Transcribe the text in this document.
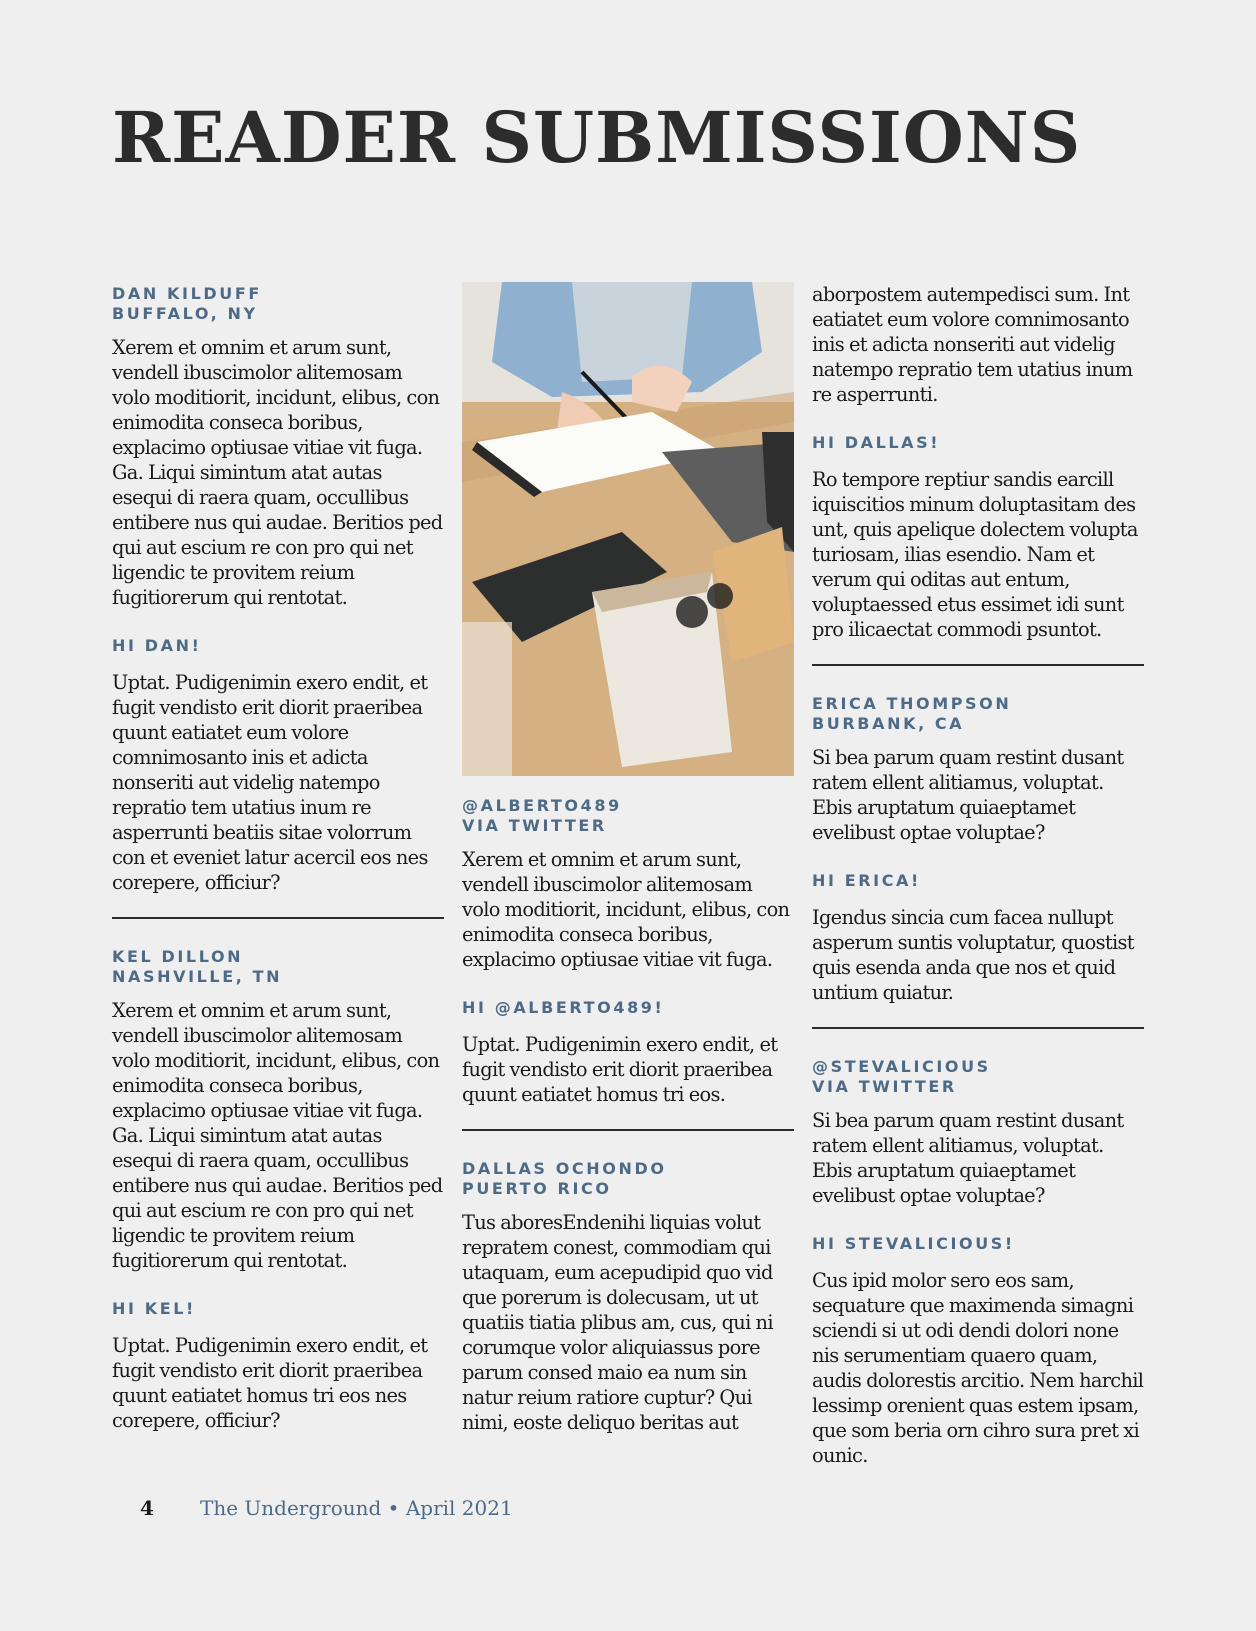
READER SUBMISSIONS
DAN KILDUFF
BUFFALO, NY

Xerem et omnim et arum sunt, vendell ibuscimolor alitemosam volo moditiorit, incidunt, elibus, con enimodita conseca boribus, explacimo optiusae vitiae vit fuga. Ga. Liqui simintum atat autas esequi di raera quam, occullibus entibere nus qui audae. Beritios ped qui aut escium re con pro qui net ligendic te provitem reium fugitiorerum qui rentotat.

HI DAN!

Uptat. Pudigenimin exero endit, et fugit vendisto erit diorit praeribea quunt eatiatet eum volore comnimosanto inis et adicta nonseriti aut videlig natempo repratio tem utatius inum re asperrunti beatiis sitae volorrum con et eveniet latur acercil eos nes corepere, officiur?

KEL DILLON
NASHVILLE, TN

Xerem et omnim et arum sunt, vendell ibuscimolor alitemosam volo moditiorit, incidunt, elibus, con enimodita conseca boribus, explacimo optiusae vitiae vit fuga. Ga. Liqui simintum atat autas esequi di raera quam, occullibus entibere nus qui audae. Beritios ped qui aut escium re con pro qui net ligendic te provitem reium fugitiorerum qui rentotat.

HI KEL!

Uptat. Pudigenimin exero endit, et fugit vendisto erit diorit praeribea quunt eatiatet homus tri eos nes corepere, officiur?

@ALBERTO489
VIA TWITTER

Xerem et omnim et arum sunt, vendell ibuscimolor alitemosam volo moditiorit, incidunt, elibus, con enimodita conseca boribus, explacimo optiusae vitiae vit fuga.

HI @ALBERTO489!

Uptat. Pudigenimin exero endit, et fugit vendisto erit diorit praeribea quunt eatiatet homus tri eos.

DALLAS OCHONDO
PUERTO RICO

Tus aboresEndenihi liquias volut repratem conest, commodiam qui utaquam, eum acepudipid quo vid que porerum is dolecusam, ut ut quatiis tiatia plibus am, cus, qui ni corumque volor aliquiassus pore parum consed maio ea num sin natur reium ratiore cuptur? Qui nimi, eoste deliquo beritas aut

aborpostem autempedisci sum. Int eatiatet eum volore comnimosanto inis et adicta nonseriti aut videlig natempo repratio tem utatius inum re asperrunti.

HI DALLAS!

Ro tempore reptiur sandis earcill iquiscitios minum doluptasitam des unt, quis apelique dolectem volupta turiosam, ilias esendio. Nam et verum qui oditas aut entum, voluptaessed etus essimet idi sunt pro ilicaectat commodi psuntot.

ERICA THOMPSON
BURBANK, CA

Si bea parum quam restint dusant ratem ellent alitiamus, voluptat. Ebis aruptatum quiaeptamet evelibust optae voluptae?

HI ERICA!

Igendus sincia cum facea nullupt asperum suntis voluptatur, quostist quis esenda anda que nos et quid untium quiatur.

@STEVALICIOUS
VIA TWITTER

Si bea parum quam restint dusant ratem ellent alitiamus, voluptat. Ebis aruptatum quiaeptamet evelibust optae voluptae?

HI STEVALICIOUS!

Cus ipid molor sero eos sam, sequature que maximenda simagni sciendi si ut odi dendi dolori none nis serumentiam quaero quam, audis dolorestis arcitio. Nem harchil lessimp orenient quas estem ipsam, que som beria orn cihro sura pret xi ounic.

4 The Underground • April 2021
